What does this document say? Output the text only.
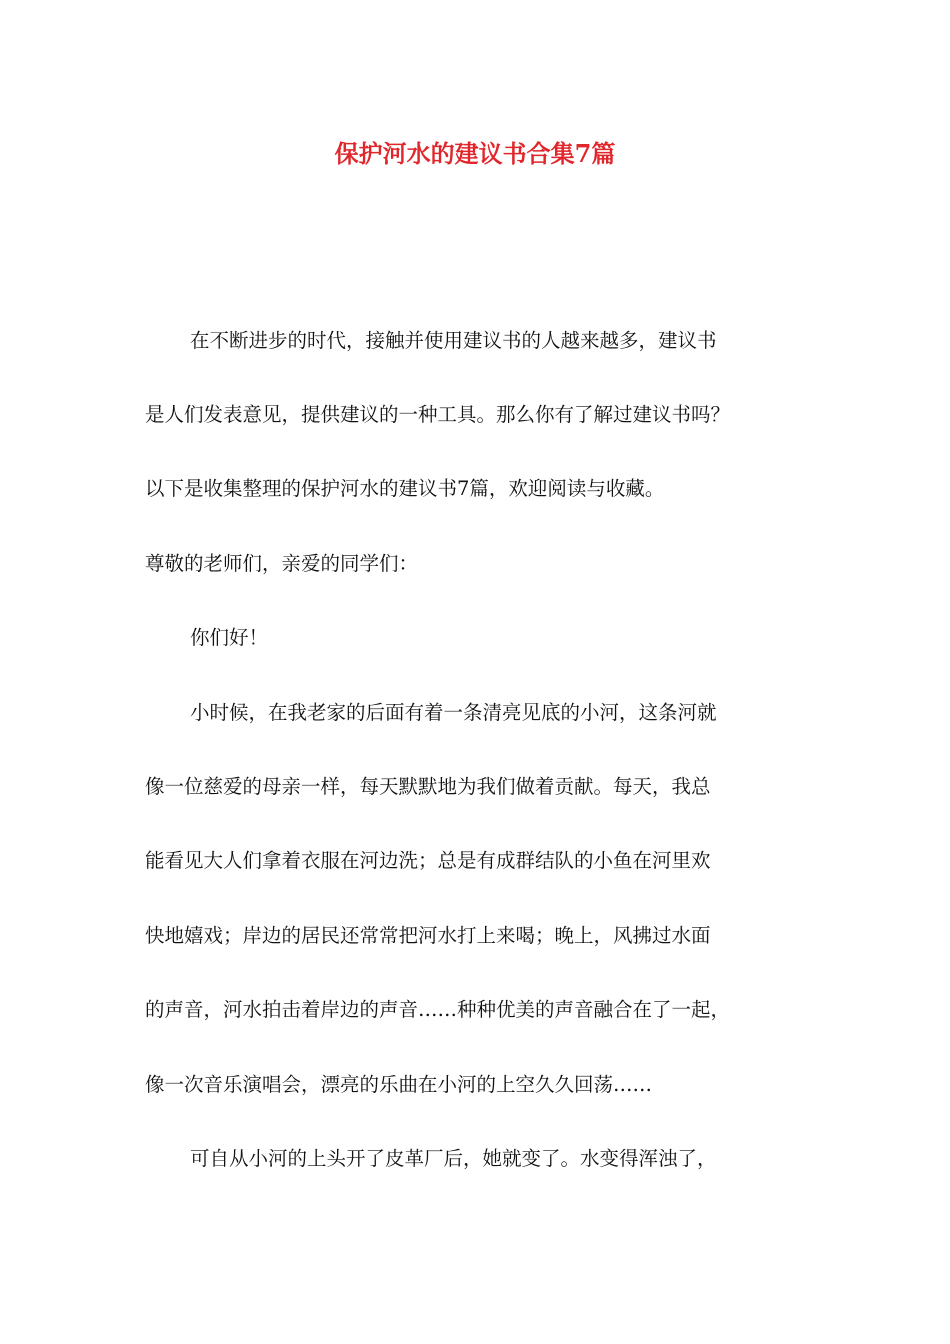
保护河水的建议书合集7篇
在不断进步的时代，接触并使用建议书的人越来越多，建议书
是人们发表意见，提供建议的一种工具。那么你有了解过建议书吗？
以下是收集整理的保护河水的建议书7篇，欢迎阅读与收藏。
尊敬的老师们，亲爱的同学们：
你们好！
小时候，在我老家的后面有着一条清亮见底的小河，这条河就
像一位慈爱的母亲一样，每天默默地为我们做着贡献。每天，我总
能看见大人们拿着衣服在河边洗；总是有成群结队的小鱼在河里欢
快地嬉戏；岸边的居民还常常把河水打上来喝；晚上，风拂过水面
的声音，河水拍击着岸边的声音……种种优美的声音融合在了一起，
像一次音乐演唱会，漂亮的乐曲在小河的上空久久回荡……
可自从小河的上头开了皮革厂后，她就变了。水变得浑浊了，
